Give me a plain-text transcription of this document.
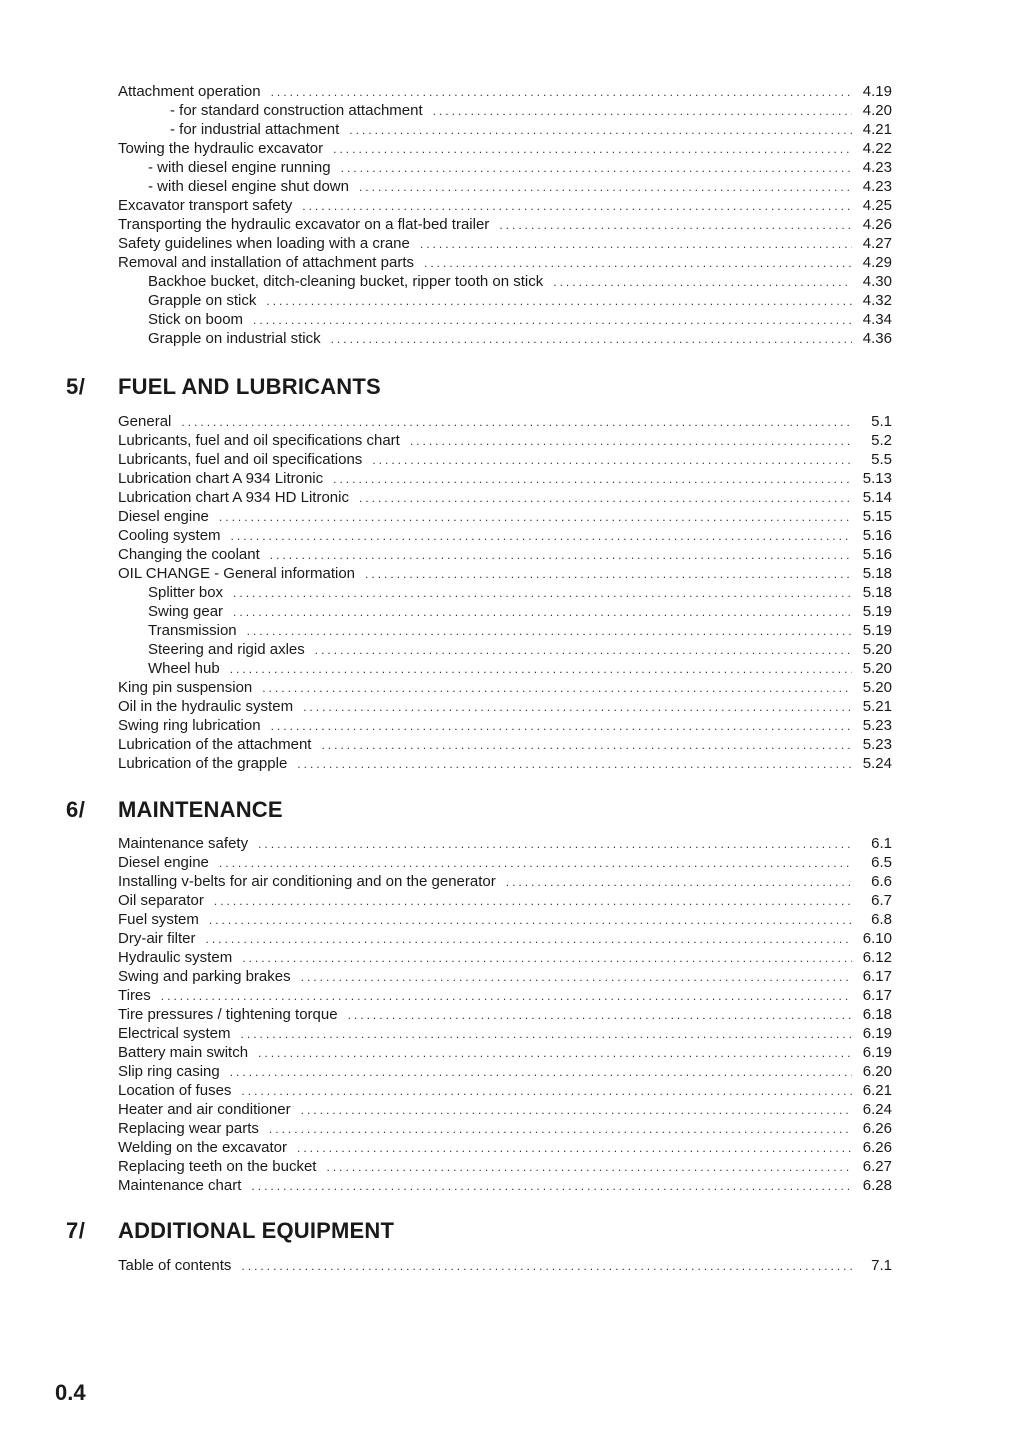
Attachment operation .....	4.19
- for standard construction attachment .....	4.20
- for industrial attachment .....	4.21
Towing the hydraulic excavator .....	4.22
- with diesel engine running .....	4.23
- with diesel engine shut down .....	4.23
Excavator transport safety .....	4.25
Transporting the hydraulic excavator on a flat-bed trailer .....	4.26
Safety guidelines when loading with a crane .....	4.27
Removal and installation of attachment parts .....	4.29
Backhoe bucket, ditch-cleaning bucket, ripper tooth on stick .....	4.30
Grapple on stick .....	4.32
Stick on boom .....	4.34
Grapple on industrial stick .....	4.36
5/ FUEL AND LUBRICANTS
General .....	5.1
Lubricants, fuel and oil specifications chart .....	5.2
Lubricants, fuel and oil specifications .....	5.5
Lubrication chart A 934 Litronic .....	5.13
Lubrication chart A 934 HD Litronic .....	5.14
Diesel engine .....	5.15
Cooling system .....	5.16
Changing the coolant .....	5.16
OIL CHANGE - General information .....	5.18
Splitter box .....	5.18
Swing gear .....	5.19
Transmission .....	5.19
Steering and rigid axles .....	5.20
Wheel hub .....	5.20
King pin suspension .....	5.20
Oil in the hydraulic system .....	5.21
Swing ring lubrication .....	5.23
Lubrication of the attachment .....	5.23
Lubrication of the grapple .....	5.24
6/ MAINTENANCE
Maintenance safety .....	6.1
Diesel engine .....	6.5
Installing v-belts for air conditioning and on the generator .....	6.6
Oil separator .....	6.7
Fuel system .....	6.8
Dry-air filter .....	6.10
Hydraulic system .....	6.12
Swing and parking brakes .....	6.17
Tires .....	6.17
Tire pressures / tightening torque .....	6.18
Electrical system .....	6.19
Battery main switch .....	6.19
Slip ring casing .....	6.20
Location of fuses .....	6.21
Heater and air conditioner .....	6.24
Replacing wear parts .....	6.26
Welding on the excavator .....	6.26
Replacing teeth on the bucket .....	6.27
Maintenance chart .....	6.28
7/ ADDITIONAL EQUIPMENT
Table of contents .....	7.1
0.4
